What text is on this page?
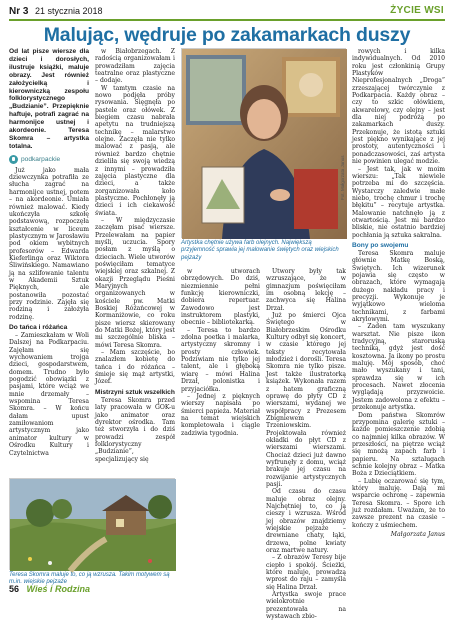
Nr 3 21 stycznia 2018	ŻYCIE WSI
Malując, wędruje po zakamarkach duszy
Od lat pisze wiersze dla dzieci i dorosłych, ilustruje książki, maluje obrazy. Jest również założycielką i kierowniczką zespołu folklorystycznego „Budzianie”. Przepięknie haftuje, potrafi zagrać na harmonijce ustnej i akordeonie. Teresa Skomra – artystka totalna.
podkarpackie

Już jako mała dziewczynka potrafiła ze słucha zagrać na harmonijce ustnej, potem – na akordeonie. Umiała również malować. Kiedy ukończyła szkołę podstawową, rozpoczęła kształcenie w liceum plastycznym w Jarosławiu pod okiem wybitnych profesorów – Edwarda Kieferlinga oraz Wiktora Śliwińskiego. Namawiano ją na szlifowanie talentu w Akademii Sztuk Pięknych, ale postanowiła pozostać przy rodzinie. Zajęła się rodziną i założyła rodzinę.

Do tańca i różańca

– Zamieszkałam w Woli Dalszej na Podkarpaciu. Zajęłam się wychowaniem trojga dzieci, gospodarstwem, domem. Trudno było pogodzić obowiązki z pasjami, które wciąż we mnie drzemały – wspomina Teresa Skomra. – W końcu dałam upust zamiłowaniom artystycznym jako animator kultury w Ośrodku Kultury i Czytelnictwa

w Białobrzegach. Z radością organizowałam i prowadziłam zajęcia teatralne oraz plastyczne – dodaje.

W tamtym czasie na nowo podjęła próby rysowania. Sięgnęła po pastele oraz ołówek. Z biegiem czasu nabrała apetytu na trudniejszą technikę – malarstwo olejne. Zaczęła nie tylko malować z pasją, ale również bardzo chętnie dzieliła się swoją wiedzą z innymi – prowadziła zajęcia plastyczne dla dzieci, a także zorganizowała koło plastyczne. Pochłonęły ją dzieci i ich ciekawość świata.

– W międzyczasie zaczęłam pisać wiersze. Przelewałam na papier myśli, uczucia. Spory posłam z myślą o dzieciach. Wiele utworów poświęciłam tematyce wiejskiej oraz szkalnej. Z okazji Przeglądu Pieśni Maryjnych organizowanych w kościele pw. Matki Boskiej Różańcowej w Kormaniżowie, co roku pisze wiersz skierowany do Matki Bożej, który jest mi szczególnie bliska – mówi Teresa Skomra.

– Mam szczęście, bo znalazłem kobietę do tańca i do różańca – śmieje się mąż artystki, Józef.

Mistrzyni sztuk wszelkich

Teresa Skomra przed laty pracowała w GOK-u jako animator oraz dyrektor ośrodka. Tam też stworzyła i do dziś prowadzi zespół folklorystyczny „Budzianie”, specjalizujący się

Artystka chętnie używa farb olejnych. Największą przyjemność sprawia jej malowanie świętych oraz wiejskich pejzaży
Fot. Małgorzata Janus

w utworach obrzędowych. Do dziś, niezmiennie pełni funkcję kierowniczki, dobiera repertuar. Zawodowo jest instruktorem plastyki, obecnie – bibliotekarką.

– Teresa to bardzo zdolna poetka i malarka, artystyczny skromny i prosty człowiek. Podziwiam nie tylko jej talent, ale i głęboką wiarę – mówi Halina Drzał, polonistka i przyjaciółka.

– Jednej z pięknych wierszy napisała po śmierci papieża. Materiał na temat wiejskich kompletowała i ciągle zadziwia tygodnia.

Utwory były tak wzruszające, że w gimnazjum poświęciłam im osobną lekcję – zachwyca się Halina Drzał.

Już po śmierci Ojca Świętego w Białobrzeskim Ośrodku Kultury odbył się koncert, w czasie którego jej teksty recytowała młodzież i dorośli. Teresa Skomra nie tylko pisze. Jest także ilustratorką książek. Wykonała razem z hatem graficzną oprawę do płyty CD z wierszami, wydanej we współpracy z Prezesem Zbigniewem Trzeniowskim. Projektowała również okładki do płyt CD z wierszami wierszami. Chociaż dzieci już dawno wyfrunęły z domu, wciąż brakuje jej czasu na rozwijanie artystycznych pasji.

Od czasu do czasu maluje obraz olejny. Najchętniej to, co ją cieszy i wzrusza. Wśród jej obrazów znajdziemy wiejskie pejzaże – drewniane chaty, łąki, drzewa, polne kwiaty oraz martwe natury.

– Z obrazów Teresy bije ciepło i spokój. Ścieżki, które maluje, prowadzą wprost do raju – zamyśla się Halina Drzał.

Artystka swoje prace wielokrotnie prezentowała na wystawach zbio-

rowych i kilka indywidualnych. Od 2010 roku jest członkinią Grupy Plastyków Nieprofesjonalnych „Droga” zrzeszającej twórczynie z Podkarpacia. Każdy obraz – czy to szkic ołówkiem, akwarelowy, czy olejny – jest dla niej podróżą po zakamarkach duszy. Przekonuje, że istotą sztuki jest piękno wynikające z jej prostoty, autentyczności i ponadczasowości, zaś artysta nie powinien ulegać modzie.

– Jest tak, jak w moim wierszu: „Tak niewiele potrzeba mi do szczęścia. Wystarczy zaledwie małe niebo, trochę chmur i trochę błękitu” – recytuje artystka. Malowanie natchnęło ją z otwartością. Jest mi bardzo bliskie, nie ostatnio bardziej pochłania ją sztuka sakralna.

Bony po swojemu

Teresa Skomra maluje głównie Matkę Boską, Świętych. Ich wizerunek pojawia się często w obrazach, które wymagają dużego nakładu pracy i precyzji. Wykonuje je wyjątkowo wieloma technikami, z farbami akrylowymi.

– Zaden tam wyszukany warsztat. Nie pisze ikon tradycyjną, staroruską techniką, gdyż jest dość kosztowna. Ja ikony po prostu maluję. Mój sposób, choć mało wyszukany i tani, sprawdza się w ich procesach. Nawet złocenia wyglądają przyzwoicie. Jestem zadowolona z efektu – przekonuje artystka.

Dom państwa Skomrów przypomina galerię sztuki – każde pomieszczenie zdobią co najmniej kilka obrazów. W przeszłości, na piętrze wciąż się mnożą zapach farb i papieru. Na sztalugach schnie kolejny obraz – Matka Boża z Dzieciątkiem.

– Lubię oczarować się tym, który maluję. Dają mi wsparcie ochronę – zapewnia Teresa Skomra. – Spore ich już rozdałam. Uważam, że to zawsze prezent na czasie – kończy z uśmiechem.

Małgorzata Janus
Teresa Skomra maluje to, co ją wzrusza. Takim motywem są m.in. wiejskie pejzaże
56 Wieś i Rodzina
